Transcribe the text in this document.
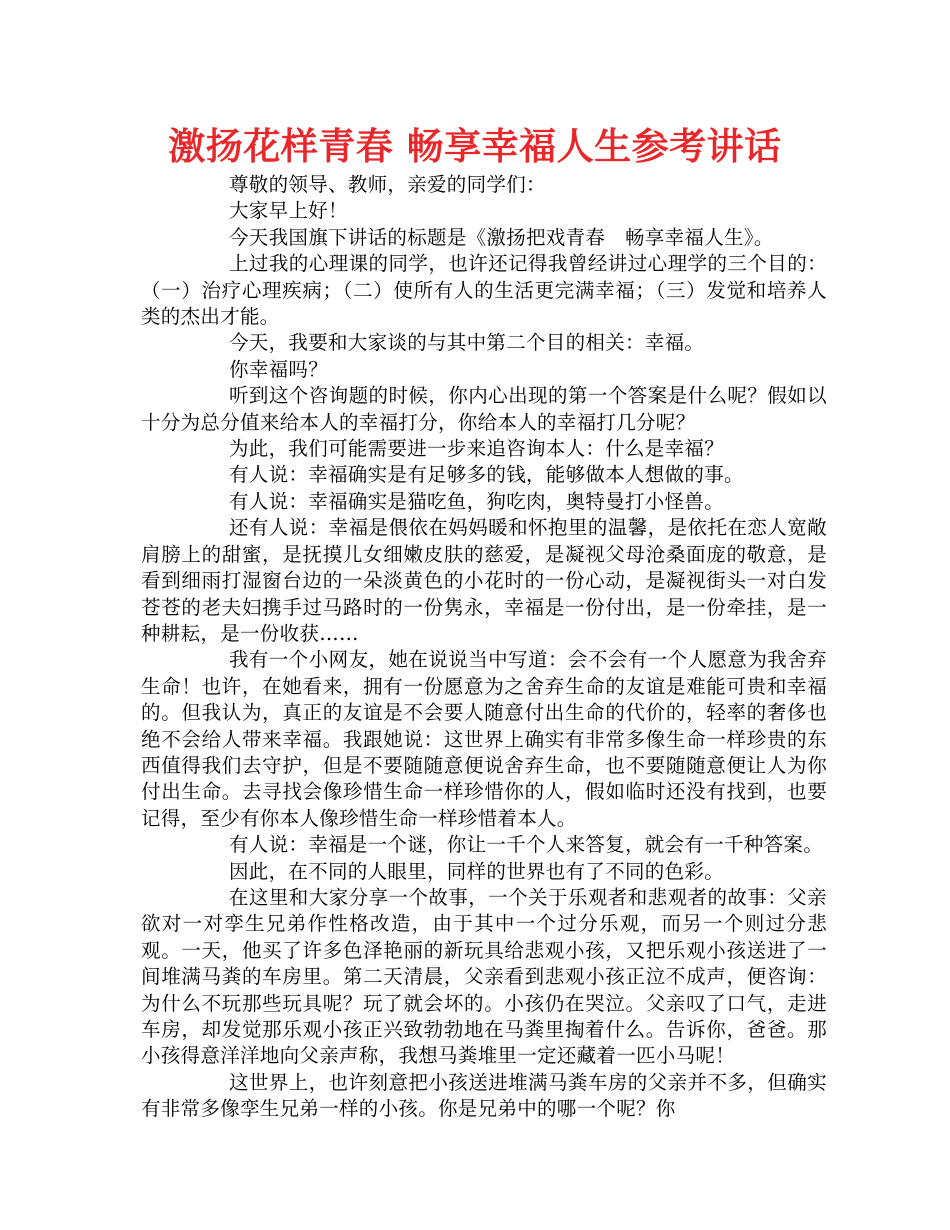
激扬花样青春 畅享幸福人生参考讲话

尊敬的领导、教师，亲爱的同学们：

大家早上好！

今天我国旗下讲话的标题是《激扬把戏青春　畅享幸福人生》。

上过我的心理课的同学，也许还记得我曾经讲过心理学的三个目的：（一）治疗心理疾病；（二）使所有人的生活更完满幸福；（三）发觉和培养人类的杰出才能。

今天，我要和大家谈的与其中第二个目的相关：幸福。

你幸福吗？

听到这个咨询题的时候，你内心出现的第一个答案是什么呢？假如以十分为总分值来给本人的幸福打分，你给本人的幸福打几分呢？

为此，我们可能需要进一步来追咨询本人：什么是幸福？

有人说：幸福确实是有足够多的钱，能够做本人想做的事。

有人说：幸福确实是猫吃鱼，狗吃肉，奥特曼打小怪兽。

还有人说：幸福是偎依在妈妈暖和怀抱里的温馨，是依托在恋人宽敞肩膀上的甜蜜，是抚摸儿女细嫩皮肤的慈爱，是凝视父母沧桑面庞的敬意，是看到细雨打湿窗台边的一朵淡黄色的小花时的一份心动，是凝视街头一对白发苍苍的老夫妇携手过马路时的一份隽永，幸福是一份付出，是一份牵挂，是一种耕耘，是一份收获……

我有一个小网友，她在说说当中写道：会不会有一个人愿意为我舍弃生命！也许，在她看来，拥有一份愿意为之舍弃生命的友谊是难能可贵和幸福的。但我认为，真正的友谊是不会要人随意付出生命的代价的，轻率的奢侈也绝不会给人带来幸福。我跟她说：这世界上确实有非常多像生命一样珍贵的东西值得我们去守护，但是不要随随意便说舍弃生命，也不要随随意便让人为你付出生命。去寻找会像珍惜生命一样珍惜你的人，假如临时还没有找到，也要记得，至少有你本人像珍惜生命一样珍惜着本人。

有人说：幸福是一个谜，你让一千个人来答复，就会有一千种答案。

因此，在不同的人眼里，同样的世界也有了不同的色彩。

在这里和大家分享一个故事，一个关于乐观者和悲观者的故事：父亲欲对一对孪生兄弟作性格改造，由于其中一个过分乐观，而另一个则过分悲观。一天，他买了许多色泽艳丽的新玩具给悲观小孩，又把乐观小孩送进了一间堆满马粪的车房里。第二天清晨，父亲看到悲观小孩正泣不成声，便咨询：为什么不玩那些玩具呢？玩了就会坏的。小孩仍在哭泣。父亲叹了口气，走进车房，却发觉那乐观小孩正兴致勃勃地在马粪里掏着什么。告诉你，爸爸。那小孩得意洋洋地向父亲声称，我想马粪堆里一定还藏着一匹小马呢！

这世界上，也许刻意把小孩送进堆满马粪车房的父亲并不多，但确实有非常多像孪生兄弟一样的小孩。你是兄弟中的哪一个呢？你
